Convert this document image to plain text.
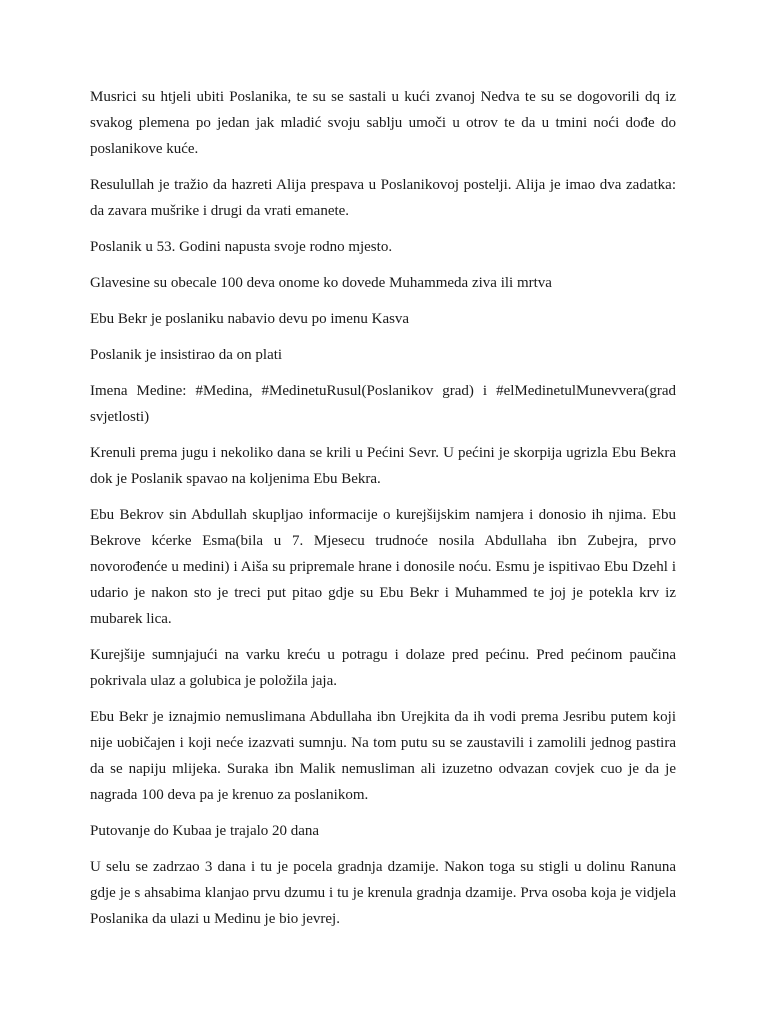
Musrici su htjeli ubiti Poslanika, te su se sastali u kući zvanoj Nedva te su se dogovorili dq iz svakog plemena po jedan jak mladić svoju sablju umoči u otrov te da u tmini noći dođe do poslanikove kuće.

Resulullah je tražio da hazreti Alija prespava u Poslanikovoj postelji. Alija je imao dva zadatka: da zavara mušrike i drugi da vrati emanete.

Poslanik u 53. Godini napusta svoje rodno mjesto.

Glavesine su obecale 100 deva onome ko dovede Muhammeda ziva ili mrtva

Ebu Bekr je poslaniku nabavio devu po imenu Kasva

Poslanik je insistirao da on plati

Imena Medine: #Medina, #MedinetuRusul(Poslanikov grad) i #elMedinetulMunevvera(grad svjetlosti)

Krenuli prema jugu i nekoliko dana se krili u Pećini Sevr. U pećini je skorpija ugrizla Ebu Bekra dok je Poslanik spavao na koljenima Ebu Bekra.

Ebu Bekrov sin Abdullah skupljao informacije o kurejšijskim namjera i donosio ih njima. Ebu Bekrove kćerke Esma(bila u 7. Mjesecu trudnoće nosila Abdullaha ibn Zubejra, prvo novorođenće u medini) i Aiša su pripremale hrane i donosile noću. Esmu je ispitivao Ebu Dzehl i udario je nakon sto je treci put pitao gdje su Ebu Bekr i Muhammed te joj je potekla krv iz mubarek lica.

Kurejšije sumnjajući na varku kreću u potragu i dolaze pred pećinu. Pred pećinom paučina pokrivala ulaz a golubica je položila jaja.

Ebu Bekr je iznajmio nemuslimana Abdullaha ibn Urejkita da ih vodi prema Jesribu putem koji nije uobičajen i koji neće izazvati sumnju. Na tom putu su se zaustavili i zamolili jednog pastira da se napiju mlijeka. Suraka ibn Malik nemusliman ali izuzetno odvazan covjek cuo je da je nagrada 100 deva pa je krenuo za poslanikom.

Putovanje do Kubaa je trajalo 20 dana

U selu se zadrzao 3 dana i tu je pocela gradnja dzamije. Nakon toga su stigli u dolinu Ranuna gdje je s ahsabima klanjao prvu dzumu i tu je krenula gradnja dzamije. Prva osoba koja je vidjela Poslanika da ulazi u Medinu je bio jevrej.
